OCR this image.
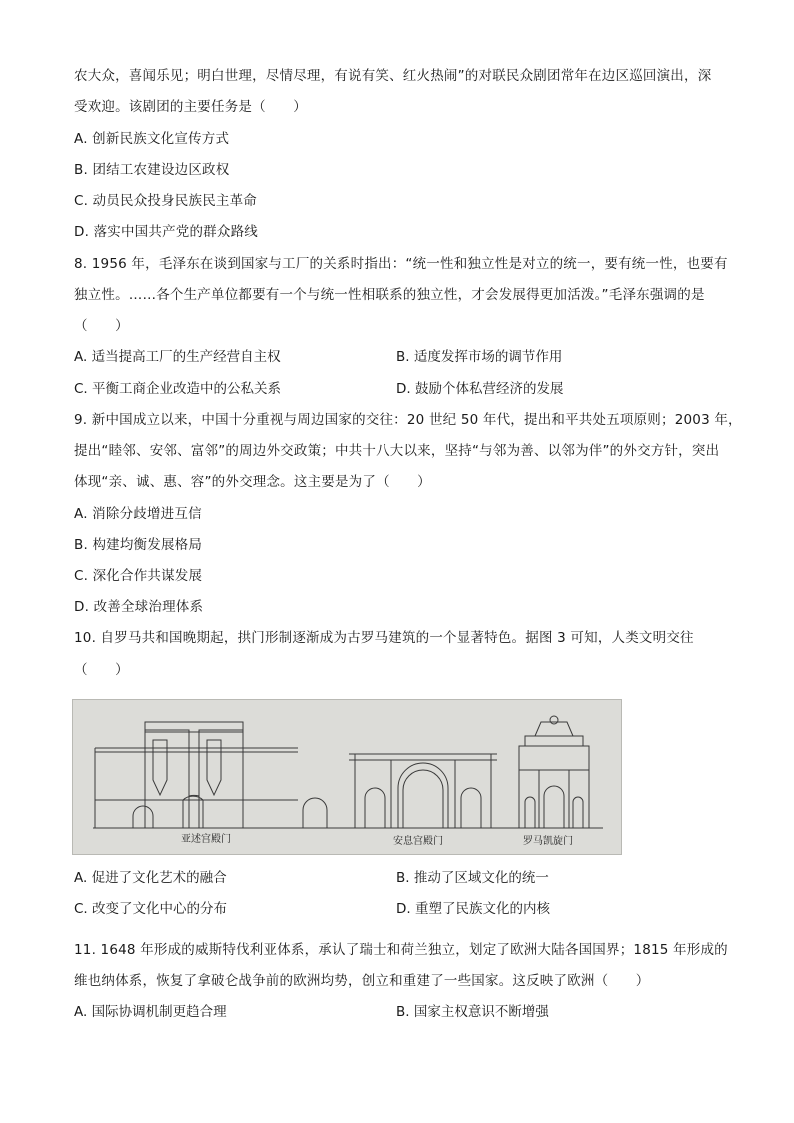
农大众，喜闻乐见；明白世理，尽情尽理，有说有笑、红火热闹”的对联民众剧团常年在边区巡回演出，深
受欢迎。该剧团的主要任务是（　　）
A. 创新民族文化宣传方式
B. 团结工农建设边区政权
C. 动员民众投身民族民主革命
D. 落实中国共产党的群众路线
8. 1956 年，毛泽东在谈到国家与工厂的关系时指出：“统一性和独立性是对立的统一，要有统一性，也要有
独立性。……各个生产单位都要有一个与统一性相联系的独立性，才会发展得更加活泼。”毛泽东强调的是
（　　）
A. 适当提高工厂的生产经营自主权	B. 适度发挥市场的调节作用
C. 平衡工商企业改造中的公私关系	D. 鼓励个体私营经济的发展
9. 新中国成立以来，中国十分重视与周边国家的交往：20 世纪 50 年代，提出和平共处五项原则；2003 年，
提出“睦邻、安邻、富邻”的周边外交政策；中共十八大以来，坚持“与邻为善、以邻为伴”的外交方针，突出
体现“亲、诚、惠、容”的外交理念。这主要是为了（　　）
A. 消除分歧增进互信
B. 构建均衡发展格局
C. 深化合作共谋发展
D. 改善全球治理体系
10. 自罗马共和国晚期起，拱门形制逐渐成为古罗马建筑的一个显著特色。据图 3 可知，人类文明交往
（　　）
亚述宫殿门	安息宫殿门	罗马凯旋门
A. 促进了文化艺术的融合	B. 推动了区域文化的统一
C. 改变了文化中心的分布	D. 重塑了民族文化的内核
11. 1648 年形成的威斯特伐利亚体系，承认了瑞士和荷兰独立，划定了欧洲大陆各国国界；1815 年形成的
维也纳体系，恢复了拿破仑战争前的欧洲均势，创立和重建了一些国家。这反映了欧洲（　　）
A. 国际协调机制更趋合理	B. 国家主权意识不断增强
